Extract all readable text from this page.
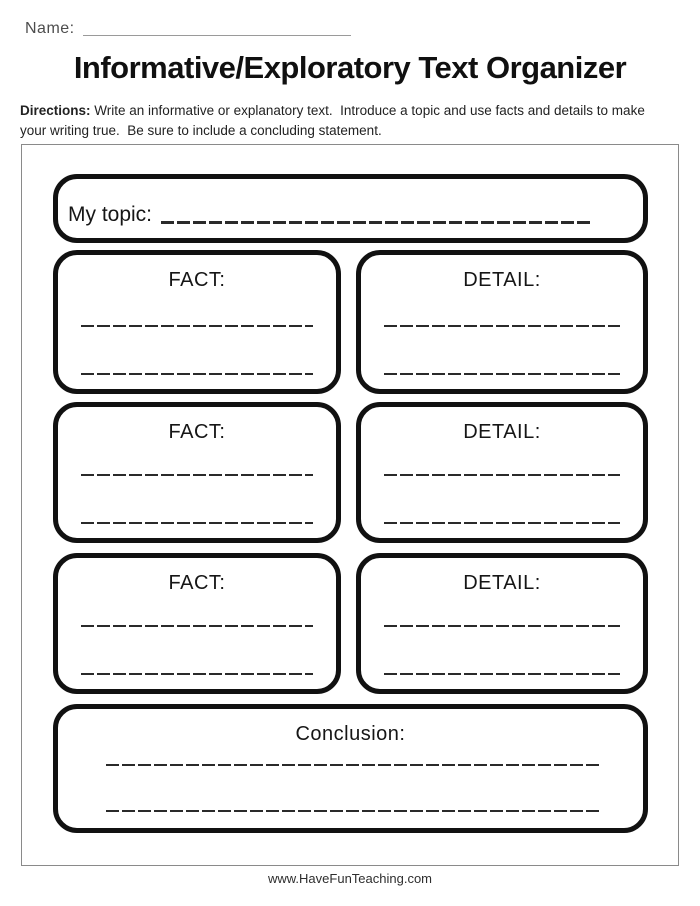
Name:
Informative/Exploratory Text Organizer

Directions: Write an informative or explanatory text.  Introduce a topic and use facts and details to make
your writing true.  Be sure to include a concluding statement.

My topic:
FACT:	DETAIL:
FACT:	DETAIL:
FACT:	DETAIL:
Conclusion:
www.HaveFunTeaching.com
